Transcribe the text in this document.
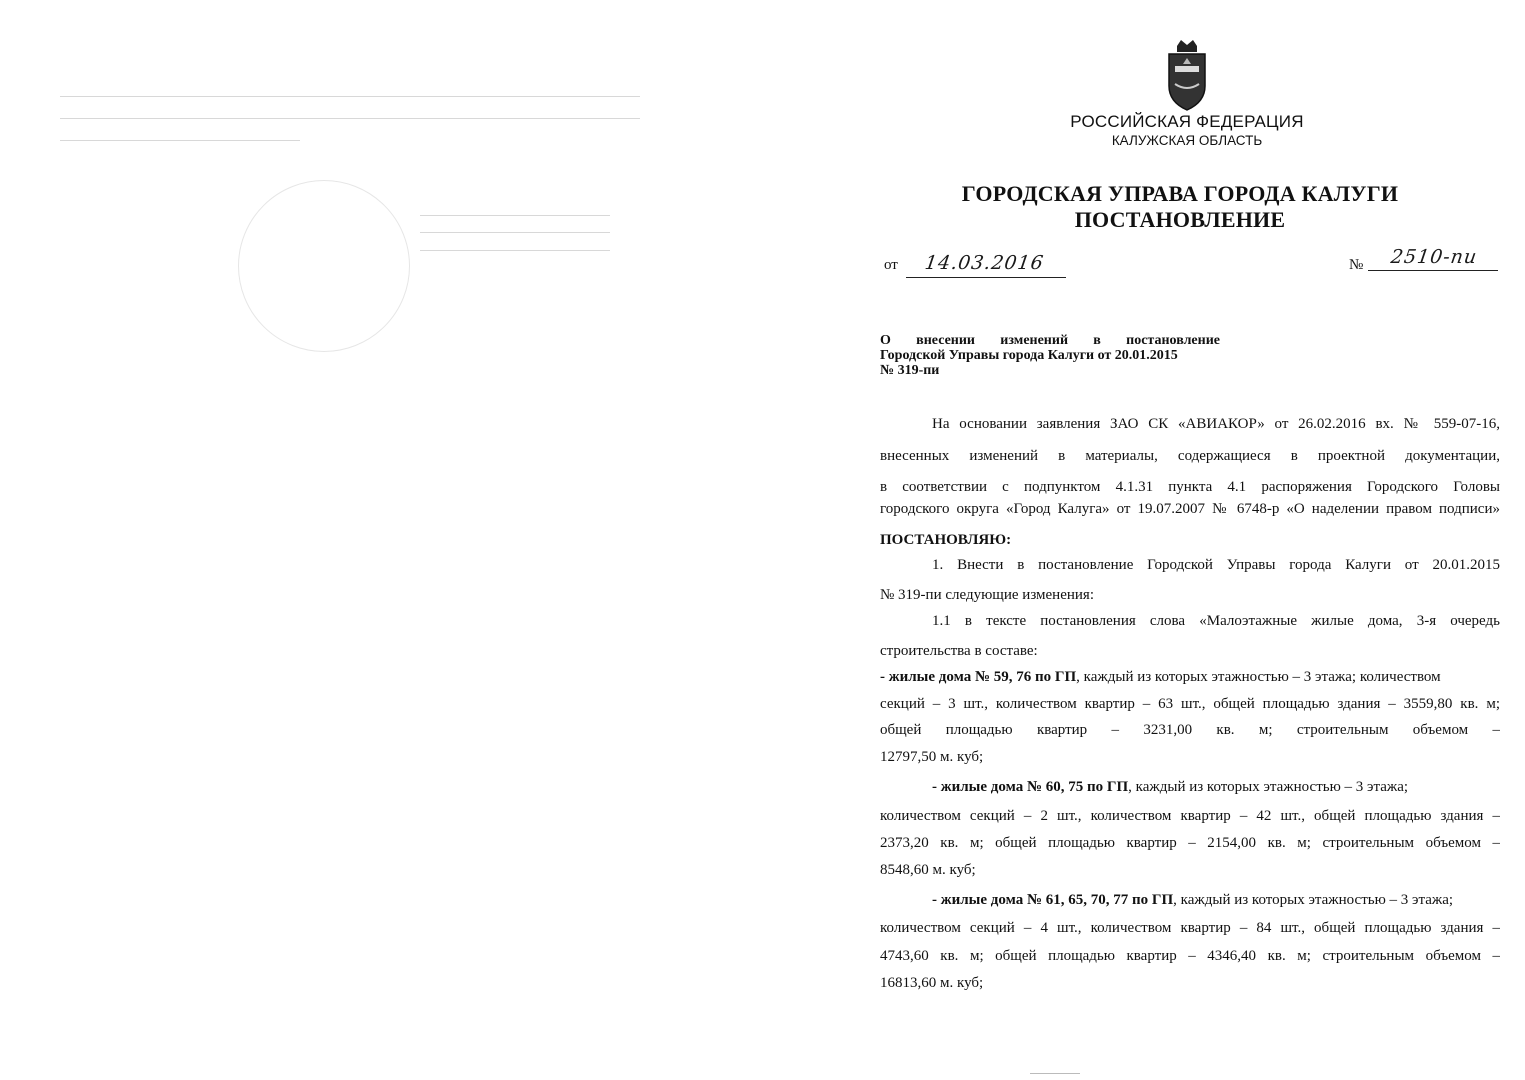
РОССИЙСКАЯ ФЕДЕРАЦИЯ
КАЛУЖСКАЯ ОБЛАСТЬ
ГОРОДСКАЯ УПРАВА ГОРОДА КАЛУГИ
ПОСТАНОВЛЕНИЕ
от 14.03.2016	№ 2510-пи
О внесении изменений в постановление
Городской Управы города Калуги от 20.01.2015
№ 319-пи
На основании заявления ЗАО СК «АВИАКОР» от 26.02.2016 вх. № 559-07-16,
внесенных изменений в материалы, содержащиеся в проектной документации,
в соответствии с подпунктом 4.1.31 пункта 4.1 распоряжения Городского Головы
городского округа «Город Калуга» от 19.07.2007 № 6748-р «О наделении правом подписи»
ПОСТАНОВЛЯЮ:
1. Внести в постановление Городской Управы города Калуги от 20.01.2015
№ 319-пи следующие изменения:
1.1 в тексте постановления слова «Малоэтажные жилые дома, 3-я очередь
строительства в составе:
- жилые дома № 59, 76 по ГП, каждый из которых этажностью – 3 этажа; количеством
секций – 3 шт., количеством квартир – 63 шт., общей площадью здания – 3559,80 кв. м;
общей площадью квартир – 3231,00 кв. м; строительным объемом –
12797,50 м. куб;
- жилые дома № 60, 75 по ГП, каждый из которых этажностью – 3 этажа;
количеством секций – 2 шт., количеством квартир – 42 шт., общей площадью здания –
2373,20 кв. м; общей площадью квартир – 2154,00 кв. м; строительным объемом –
8548,60 м. куб;
- жилые дома № 61, 65, 70, 77 по ГП, каждый из которых этажностью – 3 этажа;
количеством секций – 4 шт., количеством квартир – 84 шт., общей площадью здания –
4743,60 кв. м; общей площадью квартир – 4346,40 кв. м; строительным объемом –
16813,60 м. куб;
